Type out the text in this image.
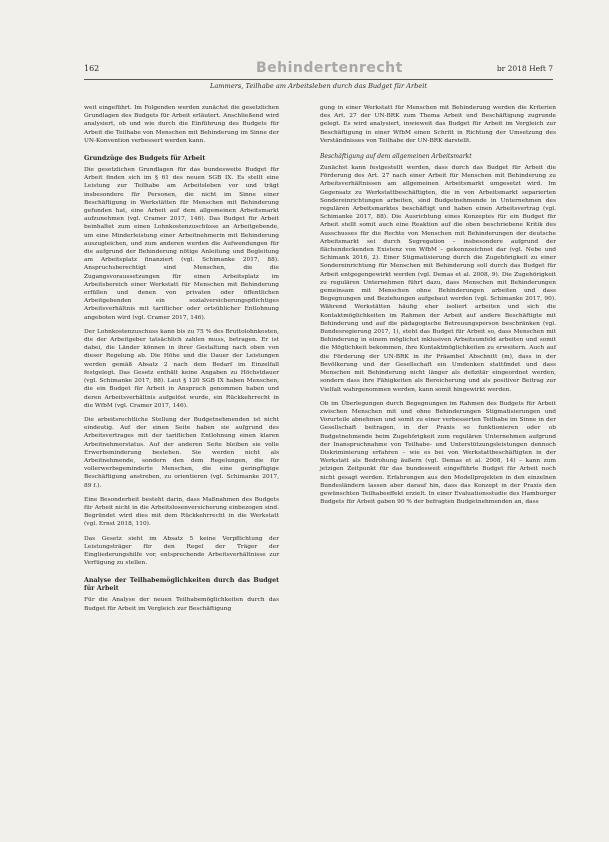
162	Behindertenrecht	br 2018 Heft 7
Lammers, Teilhabe am Arbeitsleben durch das Budget für Arbeit

weit eingeführt. Im Folgenden werden zunächst die gesetzlichen Grundlagen des Budgets für Arbeit erläutert. Anschließend wird analysiert, ob und wie durch die Einführung des Budgets für Arbeit die Teilhabe von Menschen mit Behinderung im Sinne der UN-Konvention verbessert werden kann.

Grundzüge des Budgets für Arbeit

Die gesetzlichen Grundlagen für das bundesweite Budget für Arbeit finden sich im § 61 des neuen SGB IX. Es stellt eine Leistung zur Teilhabe am Arbeitsleben vor und trägt insbesondere für Personen, die nicht im Sinne einer Beschäftigung in Werkstätten für Menschen mit Behinderung gefunden hat, eine Arbeit auf dem allgemeinen Arbeitsmarkt aufzunehmen (vgl. Cramer 2017, 146). Das Budget für Arbeit beinhaltet zum einen Lohnkostenzuschüsse an Arbeitgebende, um eine Minderleistung einer Arbeitnehmerin mit Behinderung auszugleichen, und zum anderen werden die Aufwendungen für die aufgrund der Behinderung nötige Anleitung und Begleitung am Arbeitsplatz finanziert (vgl. Schimanke 2017, 88). Anspruchsberechtigt sind Menschen, die die Zugangsvoraussetzungen für einen Arbeitsplatz im Arbeitsbereich einer Werkstatt für Menschen mit Behinderung erfüllen und denen von privaten oder öffentlichen Arbeitgebenden ein sozialversicherungspflichtiges Arbeitsverhältnis mit tariflicher oder ortsüblicher Entlohnung angeboten wird (vgl. Cramer 2017, 146).

Der Lohnkostenzuschuss kann bis zu 75 % des Bruttolohnkosten, die der Arbeitgeber tatsächlich zahlen muss, betragen. Er ist dabei, die Länder können in ihrer Gestaltung nach oben von dieser Regelung ab. Die Höhe und die Dauer der Leistungen werden gemäß Absatz 2 nach dem Bedarf im Einzelfall festgelegt. Das Gesetz enthält keine Angaben zu Höchstdauer (vgl. Schimanke 2017, 88). Laut § 120 SGB IX haben Menschen, die ein Budget für Arbeit in Anspruch genommen haben und deren Arbeitsverhältnis aufgelöst wurde, ein Rückkehrrecht in die WfbM (vgl. Cramer 2017, 146).

Die arbeitsrechtliche Stellung der Budgetnehmenden ist nicht eindeutig. Auf der einen Seite haben sie aufgrund des Arbeitsvertrages mit der tariflichen Entlohnung einen klaren Arbeitnehmerstatus. Auf der anderen Seite bleiben sie volle Erwerbsminderung bestehen. Sie werden nicht als Arbeitnehmende, sondern den dem Regelungen, die für vollerwerbsgeminderte Menschen, die eine geringfügige Beschäftigung anstreben, zu orientieren (vgl. Schimanke 2017, 89 f.).

Eine Besonderheit besteht darin, dass Maßnahmen des Budgets für Arbeit nicht in die Arbeitslosenversicherung einbezogen sind. Begründet wird dies mit dem Rückkehrrecht in die Werkstatt (vgl. Ernst 2018, 110).

Das Gesetz sieht im Absatz 5 keine Verpflichtung der Leistungsträger für den Regel der Träger der Eingliederungshilfe vor, entsprechende Arbeitsverhältnisse zur Verfügung zu stellen.

Analyse der Teilhabemöglichkeiten durch das Budget für Arbeit

Für die Analyse der neuen Teilhabemöglichkeiten durch das Budget für Arbeit im Vergleich zur Beschäftigung

gung in einer Werkstatt für Menschen mit Behinderung werden die Kriterien des Art. 27 der UN-BRK zum Thema Arbeit und Beschäftigung zugrunde gelegt. Es wird analysiert, inwieweit das Budget für Arbeit im Vergleich zur Beschäftigung in einer WfbM einen Schritt in Richtung der Umsetzung des Verständnisses von Teilhabe der UN-BRK darstellt.

Beschäftigung auf dem allgemeinen Arbeitsmarkt

Zunächst kann festgestellt werden, dass durch das Budget für Arbeit die Förderung des Art. 27 nach einer Arbeit für Menschen mit Behinderung zu Arbeitsverhältnissen am allgemeinen Arbeitsmarkt umgesetzt wird. Im Gegensatz zu Werkstattbeschäftigten, die in von Arbeitsmarkt separierten Sondereinrichtungen arbeiten, sind Budgetnehmende in Unternehmen des regulären Arbeitsmarktes beschäftigt und haben einen Arbeitsvertrag (vgl. Schimanke 2017, 88). Die Ausrichtung eines Konzeptes für ein Budget für Arbeit stellt somit auch eine Reaktion auf die oben beschriebene Kritik des Ausschusses für die Rechte von Menschen mit Behinderungen der deutsche Arbeitsmarkt sei durch Segregation – insbesondere aufgrund der flächendeckenden Existenz von WfbM – gekennzeichnet dar (vgl. Nebe und Schimank 2016, 2). Einer Stigmatisierung durch die Zugehörigkeit zu einer Sondereinrichtung für Menschen mit Behinderung soll durch das Budget für Arbeit entgegengewirkt werden (vgl. Demas et al. 2008, 9). Die Zugehörigkeit zu regulären Unternehmen führt dazu, dass Menschen mit Behinderungen gemeinsam mit Menschen ohne Behinderungen arbeiten und dass Begegnungen und Beziehungen aufgebaut werden (vgl. Schimanke 2017, 90). Während Werkstätten häufig eher isoliert arbeiten und sich die Kontaktmöglichkeiten im Rahmen der Arbeit auf andere Beschäftigte mit Behinderung und auf die pädagogische Betreuungsperson beschränken (vgl. Bundesregierung 2017, 1), steht das Budget für Arbeit so, dass Menschen mit Behinderung in einem möglichst inklusiven Arbeitsumfeld arbeiten und somit die Möglichkeit bekommen, ihre Kontaktmöglichkeiten zu erweitern. Auch auf die Förderung der UN-BRK in ihr Präambel Abschnitt (m), dass in der Bevölkerung und der Gesellschaft ein Umdenken stattfindet und dass Menschen mit Behinderung nicht länger als defizitär eingeordnet werden, sondern dass ihre Fähigkeiten als Bereicherung und als positiver Beitrag zur Vielfalt wahrgenommen werden, kann somit hingewirkt werden.

Ob im Überlegungen durch Begegnungen im Rahmen des Budgets für Arbeit zwischen Menschen mit und ohne Behinderungen Stigmatisierungen und Vorurteile abnehmen und somit zu einer verbesserten Teilhabe im Sinne in der Gesellschaft beitragen, in der Praxis so funktionieren oder ob Budgetnehmende beim Zugehörigkeit zum regulären Unternehmen aufgrund der Inanspruchnahme von Teilhabe- und Unterstützungsleistungen dennoch Diskriminierung erfahren – wie es bei von Werkstattbeschäftigten in der Werkstatt als Bedrohung äußern (vgl. Demas et al. 2008, 14) – kann zum jetzigen Zeitpunkt für das bundesweit eingeführte Budget für Arbeit noch nicht gesagt werden. Erfahrungen aus den Modellprojekten in den einzelnen Bundesländern lassen aber darauf hin, dass das Konzept in der Praxis den gewünschten Teilhabeeffekt erzielt. In einer Evaluationsstudie des Hamburger Budgets für Arbeit gaben 90 % der befragten Budgetnehmenden an, dass
